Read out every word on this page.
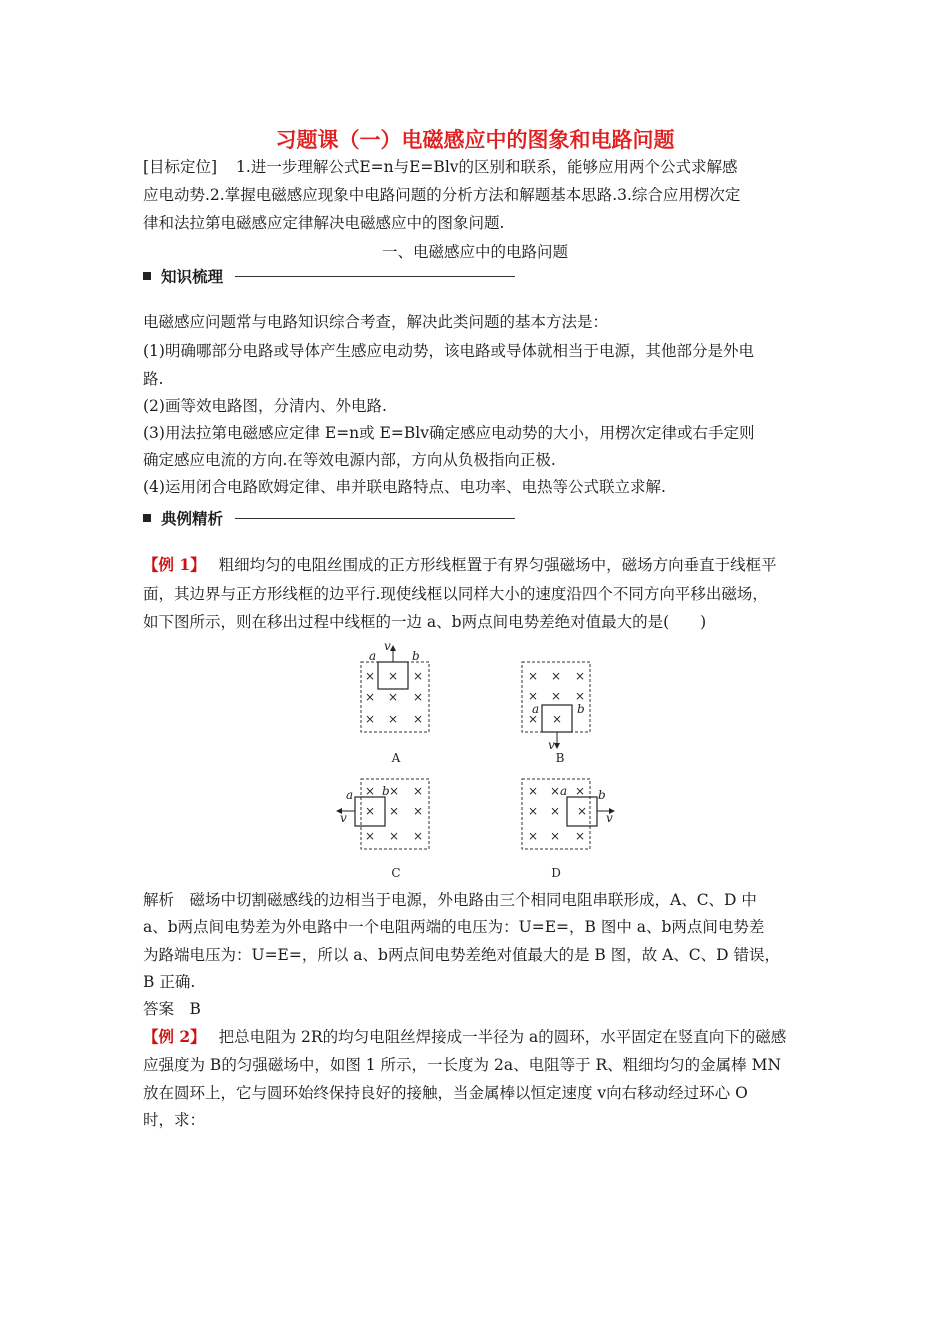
习题课（一）电磁感应中的图象和电路问题
[目标定位] 1.进一步理解公式E=n与E=Blv的区别和联系，能够应用两个公式求解感
应电动势.2.掌握电磁感应现象中电路问题的分析方法和解题基本思路.3.综合应用楞次定
律和法拉第电磁感应定律解决电磁感应中的图象问题.
一、电磁感应中的电路问题
知识梳理
电磁感应问题常与电路知识综合考查，解决此类问题的基本方法是：
(1)明确哪部分电路或导体产生感应电动势，该电路或导体就相当于电源，其他部分是外电
路.
(2)画等效电路图，分清内、外电路.
(3)用法拉第电磁感应定律 E=n或 E=Blv确定感应电动势的大小，用楞次定律或右手定则
确定感应电流的方向.在等效电源内部，方向从负极指向正极.
(4)运用闭合电路欧姆定律、串并联电路特点、电功率、电热等公式联立求解.
典例精析
【例 1】 粗细均匀的电阻丝围成的正方形线框置于有界匀强磁场中，磁场方向垂直于线框平
面，其边界与正方形线框的边平行.现使线框以同样大小的速度沿四个不同方向平移出磁场，
如下图所示，则在移出过程中线框的一边 a、b两点间电势差绝对值最大的是(　　)
v
a	b
× × ×
× × ×
× × ×
A
× × ×
× × ×
× ×
a	b
v
B
v
a b
× × ×
× × ×
× × ×
C
v
a	b
× × ×
× × ×
× × ×
D
解析　磁场中切割磁感线的边相当于电源，外电路由三个相同电阻串联形成，A、C、D 中
a、b两点间电势差为外电路中一个电阻两端的电压为：U=E=，B 图中 a、b两点间电势差
为路端电压为：U=E=，所以 a、b两点间电势差绝对值最大的是 B 图，故 A、C、D 错误，
B 正确.
答案　B
【例 2】 把总电阻为 2R的均匀电阻丝焊接成一半径为 a的圆环，水平固定在竖直向下的磁感
应强度为 B的匀强磁场中，如图 1 所示，一长度为 2a、电阻等于 R、粗细均匀的金属棒 MN
放在圆环上，它与圆环始终保持良好的接触，当金属棒以恒定速度 v向右移动经过环心 O
时，求：
